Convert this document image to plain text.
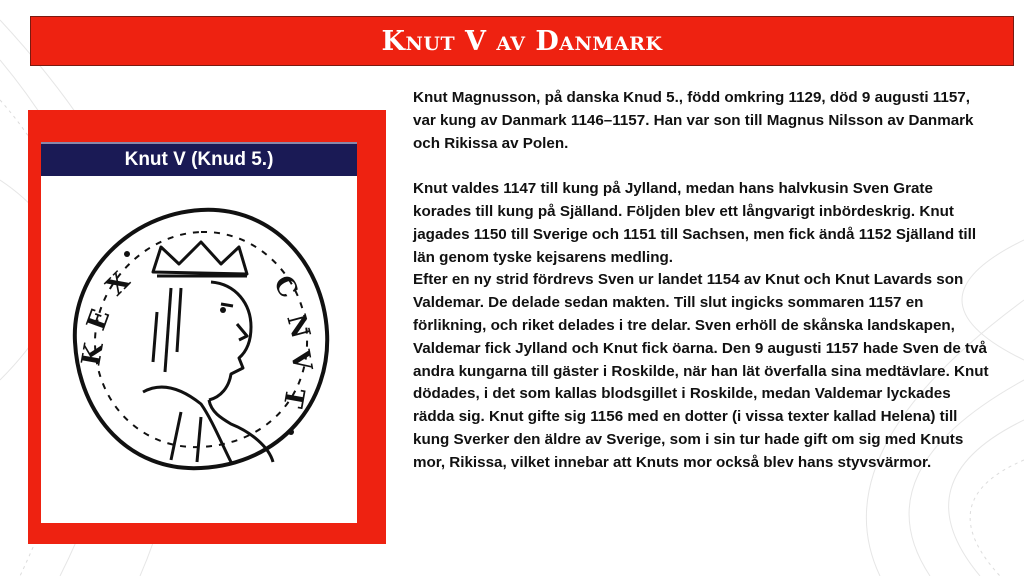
Knut V av Danmark
Knut V (Knud 5.)
K
E
X	C
N
V
T

Knut Magnusson, på danska Knud 5., född omkring 1129, död 9 augusti 1157, var kung av Danmark 1146–1157. Han var son till Magnus Nilsson av Danmark och Rikissa av Polen.

Knut valdes 1147 till kung på Jylland, medan hans halvkusin Sven Grate korades till kung på Själland. Följden blev ett långvarigt inbördeskrig. Knut jagades 1150 till Sverige och 1151 till Sachsen, men fick ändå 1152 Själland till län genom tyske kejsarens medling.

Efter en ny strid fördrevs Sven ur landet 1154 av Knut och Knut Lavards son Valdemar. De delade sedan makten. Till slut ingicks sommaren 1157 en förlikning, och riket delades i tre delar. Sven erhöll de skånska landskapen, Valdemar fick Jylland och Knut fick öarna. Den 9 augusti 1157 hade Sven de två andra kungarna till gäster i Roskilde, när han lät överfalla sina medtävlare. Knut dödades, i det som kallas blodsgillet i Roskilde, medan Valdemar lyckades rädda sig. Knut gifte sig 1156 med en dotter (i vissa texter kallad Helena) till kung Sverker den äldre av Sverige, som i sin tur hade gift om sig med Knuts mor, Rikissa, vilket innebar att Knuts mor också blev hans styvsvärmor.
